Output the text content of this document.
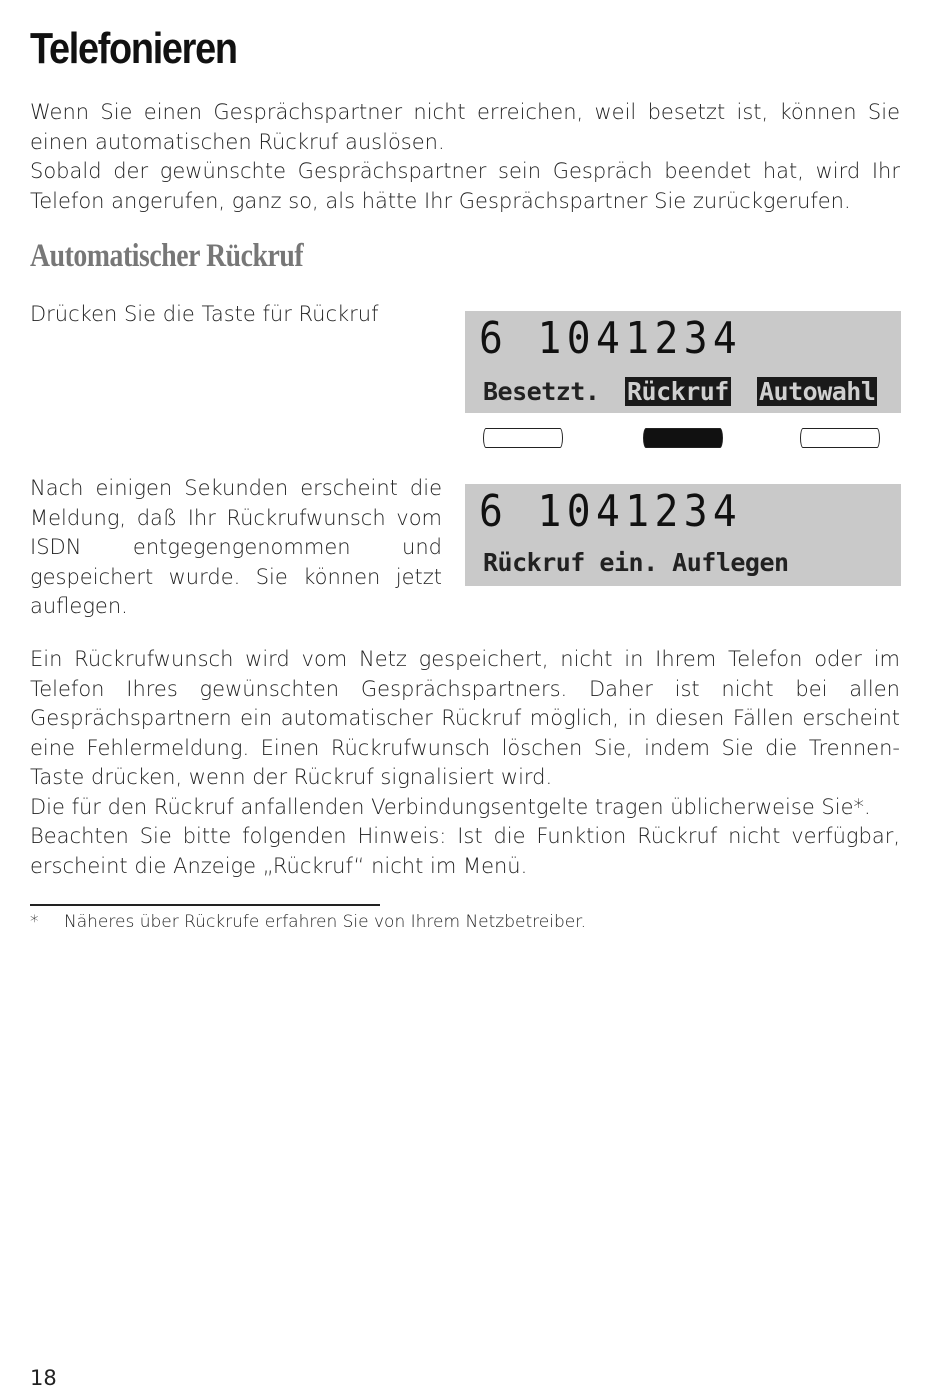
Telefonieren

Wenn Sie einen Gesprächspartner nicht erreichen, weil besetzt ist, können Sie einen automatischen Rückruf auslösen.

Sobald der gewünschte Gesprächspartner sein Gespräch beendet hat, wird Ihr Telefon angerufen, ganz so, als hätte Ihr Gesprächspartner Sie zurückgerufen.

Automatischer Rückruf
Drücken Sie die Taste für Rückruf	6 1041234
Besetzt. Rückruf Autowahl
Nach einigen Sekunden erscheint die Meldung, daß Ihr Rückrufwunsch vom ISDN entgegengenommen und gespeichert wurde. Sie können jetzt auflegen.
6 1041234
Rückruf ein. Auflegen

Ein Rückrufwunsch wird vom Netz gespeichert, nicht in Ihrem Telefon oder im Telefon Ihres gewünschten Gesprächspartners. Daher ist nicht bei allen Gesprächspartnern ein automatischer Rückruf möglich, in diesen Fällen erscheint eine Fehlermeldung. Einen Rückrufwunsch löschen Sie, indem Sie die Trennen-Taste drücken, wenn der Rückruf signalisiert wird.

Die für den Rückruf anfallenden Verbindungsentgelte tragen üblicherweise Sie*.

Beachten Sie bitte folgenden Hinweis: Ist die Funktion Rückruf nicht verfügbar, erscheint die Anzeige „Rückruf“ nicht im Menü.

* Näheres über Rückrufe erfahren Sie von Ihrem Netzbetreiber.
18
